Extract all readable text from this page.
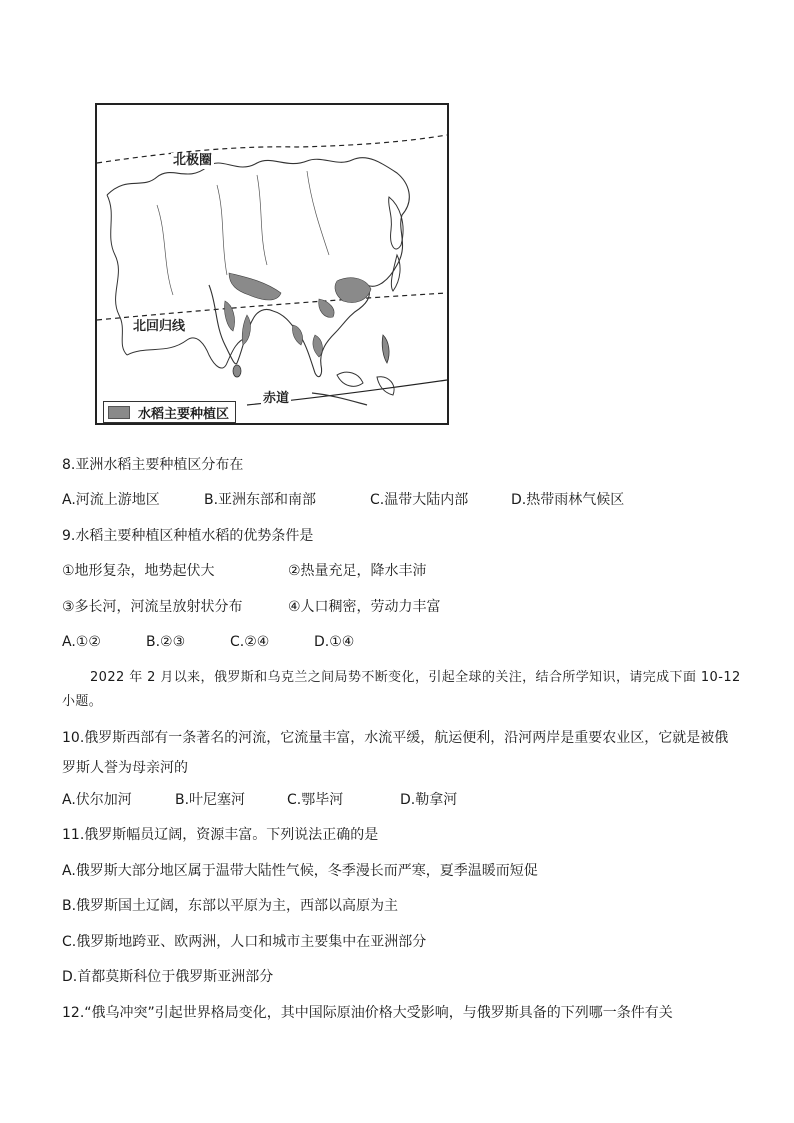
北极圈
北回归线
赤道
水稻主要种植区
8.亚洲水稻主要种植区分布在
A.河流上游地区	B.亚洲东部和南部	C.温带大陆内部	D.热带雨林气候区
9.水稻主要种植区种植水稻的优势条件是
①地形复杂，地势起伏大	②热量充足，降水丰沛
③多长河，河流呈放射状分布	④人口稠密，劳动力丰富
A.①②	B.②③	C.②④	D.①④
2022 年 2 月以来，俄罗斯和乌克兰之间局势不断变化，引起全球的关注，结合所学知识，请完成下面 10-12 小题。
10.俄罗斯西部有一条著名的河流，它流量丰富，水流平缓，航运便利，沿河两岸是重要农业区，它就是被俄罗斯人誉为母亲河的
A.伏尔加河	B.叶尼塞河	C.鄂毕河	D.勒拿河
11.俄罗斯幅员辽阔，资源丰富。下列说法正确的是
A.俄罗斯大部分地区属于温带大陆性气候，冬季漫长而严寒，夏季温暖而短促
B.俄罗斯国土辽阔，东部以平原为主，西部以高原为主
C.俄罗斯地跨亚、欧两洲，人口和城市主要集中在亚洲部分
D.首都莫斯科位于俄罗斯亚洲部分
12.“俄乌冲突”引起世界格局变化，其中国际原油价格大受影响，与俄罗斯具备的下列哪一条件有关
